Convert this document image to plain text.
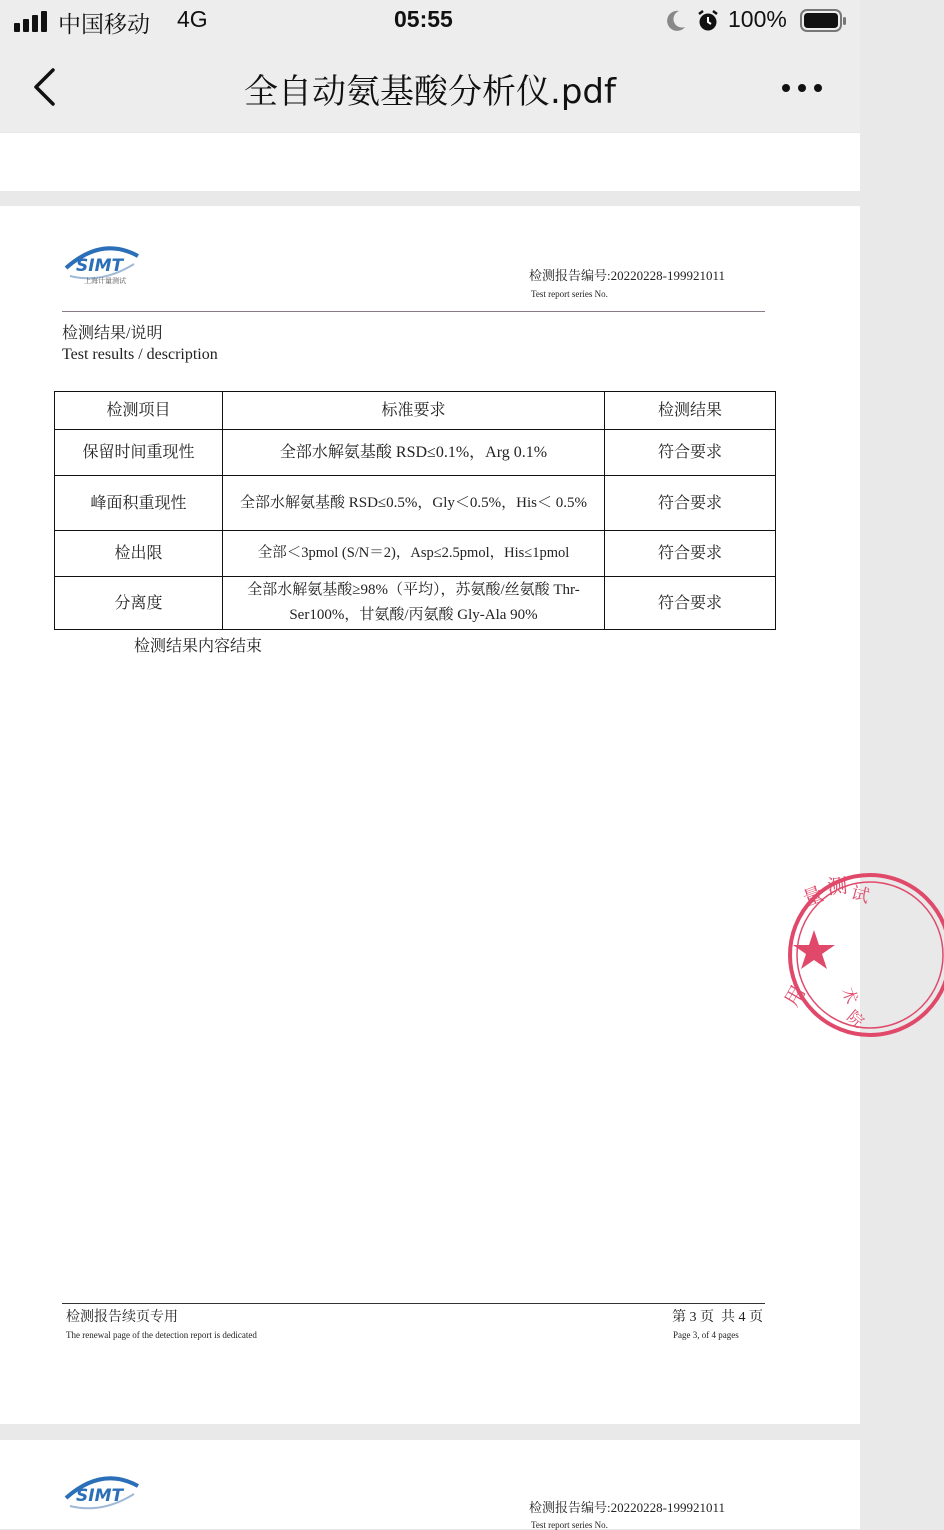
中国移动 4G	05:55	100%
全自动氨基酸分析仪.pdf
SIMT
上海计量测试	检测报告编号:20220228-199921011
Test report series No.
检测结果/说明
Test results / description
检测项目	标准要求	检测结果
保留时间重现性	全部水解氨基酸 RSD≤0.1%，Arg 0.1%	符合要求
峰面积重现性	全部水解氨基酸 RSD≤0.5%，Gly＜0.5%，His＜ 0.5%	符合要求
检出限	全部＜3pmol (S/N＝2)，Asp≤2.5pmol，His≤1pmol	符合要求
分离度	全部水解氨基酸≥98%（平均），苏氨酸/丝氨酸 Thr-Ser100%，甘氨酸/丙氨酸 Gly-Ala 90%	符合要求
检测结果内容结束
量 测 试
用 术
院
检测报告续页专用
The renewal page of the detection report is dedicated
第 3 页  共 4 页
Page 3, of 4 pages
SIMT
检测报告编号:20220228-199921011
Test report series No.
